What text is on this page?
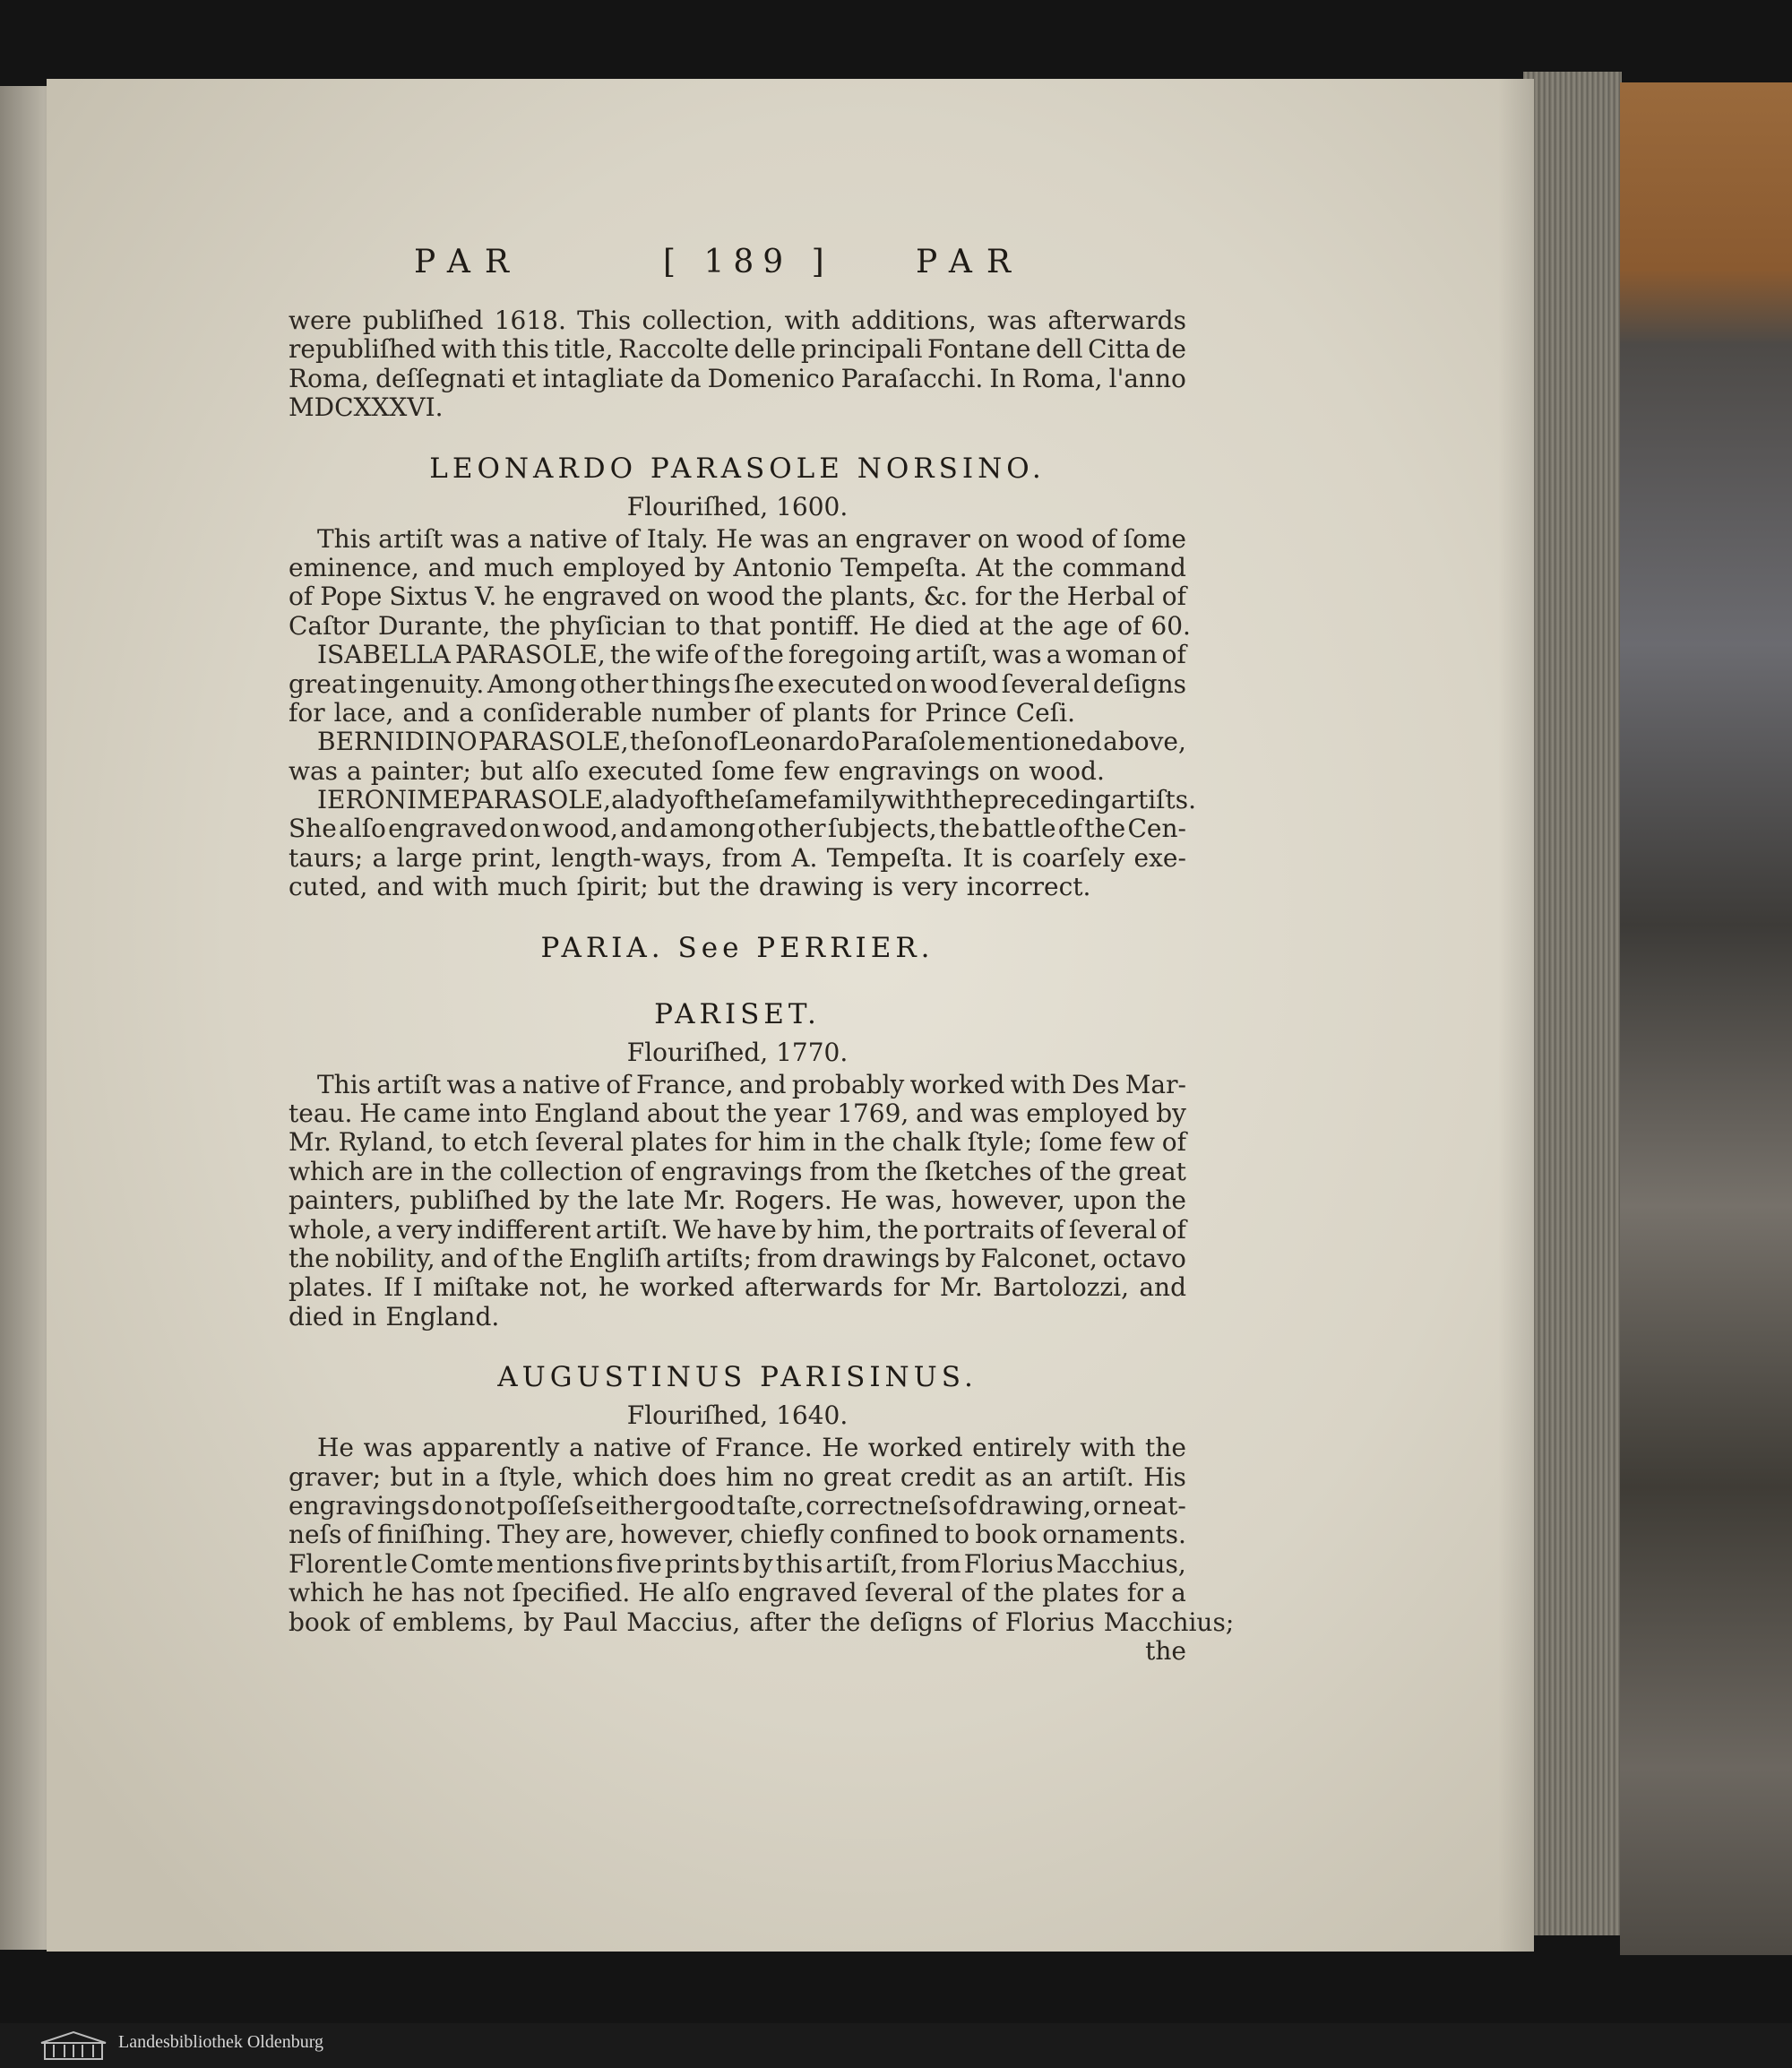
PAR	[ 189 ]	PAR
were publiſhed 1618. This collection, with additions, was afterwards
republiſhed with this title, Raccolte delle principali Fontane dell Citta de
Roma, deſſegnati et intagliate da Domenico Paraſacchi. In Roma, l'anno
MDCXXXVI.
LEONARDO PARASOLE NORSINO.
Flouriſhed, 1600.
This artiſt was a native of Italy. He was an engraver on wood of ſome
eminence, and much employed by Antonio Tempeſta. At the command
of Pope Sixtus V. he engraved on wood the plants, &c. for the Herbal of
Caſtor Durante, the phyſician to that pontiff. He died at the age of 60.
ISABELLA PARASOLE, the wife of the foregoing artiſt, was a woman of
great ingenuity. Among other things ſhe executed on wood ſeveral deſigns
for lace, and a conſiderable number of plants for Prince Ceſi.
BERNIDINO PARASOLE, the ſon of Leonardo Paraſole mentioned above,
was a painter; but alſo executed ſome few engravings on wood.
IERONIME PARASOLE, a lady of the ſame family with the preceding artiſts.
She alſo engraved on wood, and among other ſubjects, the battle of the Cen-
taurs; a large print, length-ways, from A. Tempeſta. It is coarſely exe-
cuted, and with much ſpirit; but the drawing is very incorrect.
PARIA. See PERRIER.
PARISET.
Flouriſhed, 1770.
This artiſt was a native of France, and probably worked with Des Mar-
teau. He came into England about the year 1769, and was employed by
Mr. Ryland, to etch ſeveral plates for him in the chalk ſtyle; ſome few of
which are in the collection of engravings from the ſketches of the great
painters, publiſhed by the late Mr. Rogers. He was, however, upon the
whole, a very indifferent artiſt. We have by him, the portraits of ſeveral of
the nobility, and of the Engliſh artiſts; from drawings by Falconet, octavo
plates. If I miſtake not, he worked afterwards for Mr. Bartolozzi, and
died in England.
AUGUSTINUS PARISINUS.
Flouriſhed, 1640.
He was apparently a native of France. He worked entirely with the
graver; but in a ſtyle, which does him no great credit as an artiſt. His
engravings do not poſſeſs either good taſte, correctneſs of drawing, or neat-
neſs of finiſhing. They are, however, chiefly confined to book ornaments.
Florent le Comte mentions five prints by this artiſt, from Florius Macchius,
which he has not ſpecified. He alſo engraved ſeveral of the plates for a
book of emblems, by Paul Maccius, after the deſigns of Florius Macchius;
the
Landesbibliothek Oldenburg
